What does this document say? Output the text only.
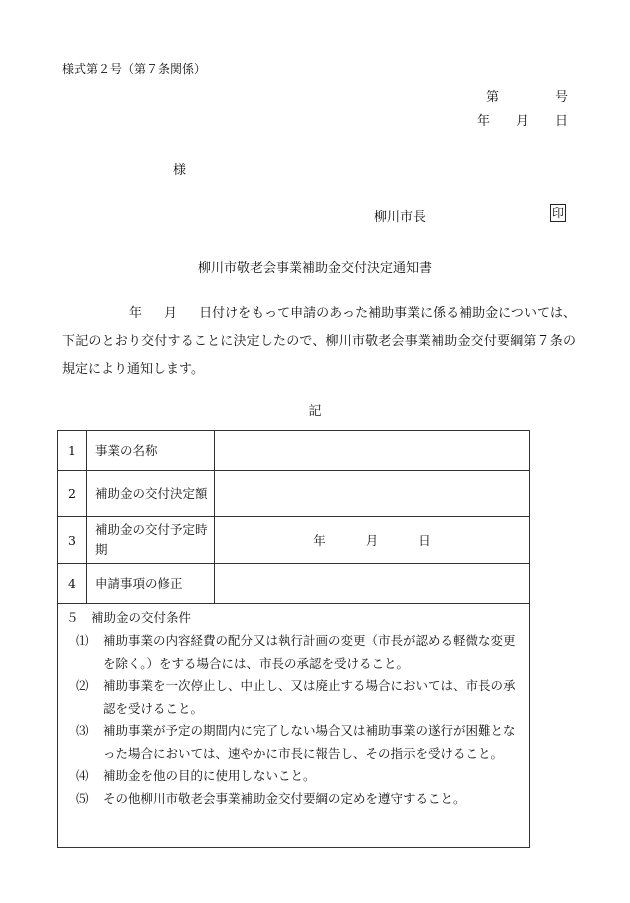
様式第２号（第７条関係）
第	号
年 月 日
様
柳川市長	印
柳川市敬老会事業補助金交付決定通知書
年 月 日付けをもって申請のあった補助事業に係る補助金については、下記のとおり交付することに決定したので、柳川市敬老会事業補助金交付要綱第７条の規定により通知します。
記
1	事業の名称	
2	補助金の交付決定額	
3	補助金の交付予定時期	年 月 日
4	申請事項の修正	
５　補助金の交付条件
⑴ 補助事業の内容経費の配分又は執行計画の変更（市長が認める軽微な変更を除く。）をする場合には、市長の承認を受けること。
⑵ 補助事業を一次停止し、中止し、又は廃止する場合においては、市長の承認を受けること。
⑶ 補助事業が予定の期間内に完了しない場合又は補助事業の遂行が困難となった場合においては、速やかに市長に報告し、その指示を受けること。
⑷ 補助金を他の目的に使用しないこと。
⑸ その他柳川市敬老会事業補助金交付要綱の定めを遵守すること。
